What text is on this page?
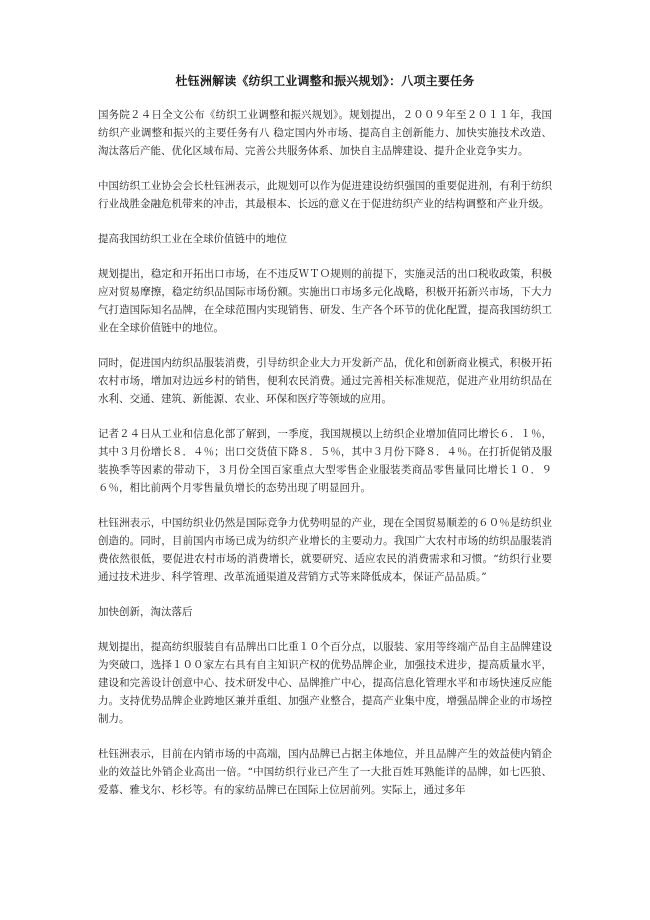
杜钰洲解读《纺织工业调整和振兴规划》：八项主要任务

国务院２４日全文公布《纺织工业调整和振兴规划》。规划提出，２００９年至２０１１年，我国纺织产业调整和振兴的主要任务有八 稳定国内外市场、提高自主创新能力、加快实施技术改造、淘汰落后产能、优化区域布局、完善公共服务体系、加快自主品牌建设、提升企业竞争实力。

中国纺织工业协会会长杜钰洲表示，此规划可以作为促进建设纺织强国的重要促进剂，有利于纺织行业战胜金融危机带来的冲击，其最根本、长远的意义在于促进纺织产业的结构调整和产业升级。

提高我国纺织工业在全球价值链中的地位

规划提出，稳定和开拓出口市场，在不违反ＷＴＯ规则的前提下，实施灵活的出口税收政策，积极应对贸易摩擦，稳定纺织品国际市场份额。实施出口市场多元化战略，积极开拓新兴市场，下大力气打造国际知名品牌，在全球范围内实现销售、研发、生产各个环节的优化配置，提高我国纺织工业在全球价值链中的地位。

同时，促进国内纺织品服装消费，引导纺织企业大力开发新产品，优化和创新商业模式，积极开拓农村市场，增加对边远乡村的销售，便利农民消费。通过完善相关标准规范，促进产业用纺织品在水利、交通、建筑、新能源、农业、环保和医疗等领域的应用。

记者２４日从工业和信息化部了解到，一季度，我国规模以上纺织企业增加值同比增长６．１％，其中３月份增长８．４％；出口交货值下降８．５％，其中３月份下降８．４％。在打折促销及服装换季等因素的带动下，３月份全国百家重点大型零售企业服装类商品零售量同比增长１０．９６％，相比前两个月零售量负增长的态势出现了明显回升。

杜钰洲表示，中国纺织业仍然是国际竞争力优势明显的产业，现在全国贸易顺差的６０％是纺织业创造的。同时，目前国内市场已成为纺织产业增长的主要动力。我国广大农村市场的纺织品服装消费依然很低，要促进农村市场的消费增长，就要研究、适应农民的消费需求和习惯。“纺织行业要通过技术进步、科学管理、改革流通渠道及营销方式等来降低成本，保证产品品质。”

加快创新，淘汰落后

规划提出，提高纺织服装自有品牌出口比重１０个百分点，以服装、家用等终端产品自主品牌建设为突破口，选择１００家左右具有自主知识产权的优势品牌企业，加强技术进步，提高质量水平，建设和完善设计创意中心、技术研发中心、品牌推广中心，提高信息化管理水平和市场快速反应能力。支持优势品牌企业跨地区兼并重组、加强产业整合，提高产业集中度，增强品牌企业的市场控制力。

杜钰洲表示，目前在内销市场的中高端，国内品牌已占据主体地位，并且品牌产生的效益使内销企业的效益比外销企业高出一倍。“中国纺织行业已产生了一大批百姓耳熟能详的品牌，如七匹狼、爱慕、雅戈尔、杉杉等。有的家纺品牌已在国际上位居前列。实际上，通过多年
